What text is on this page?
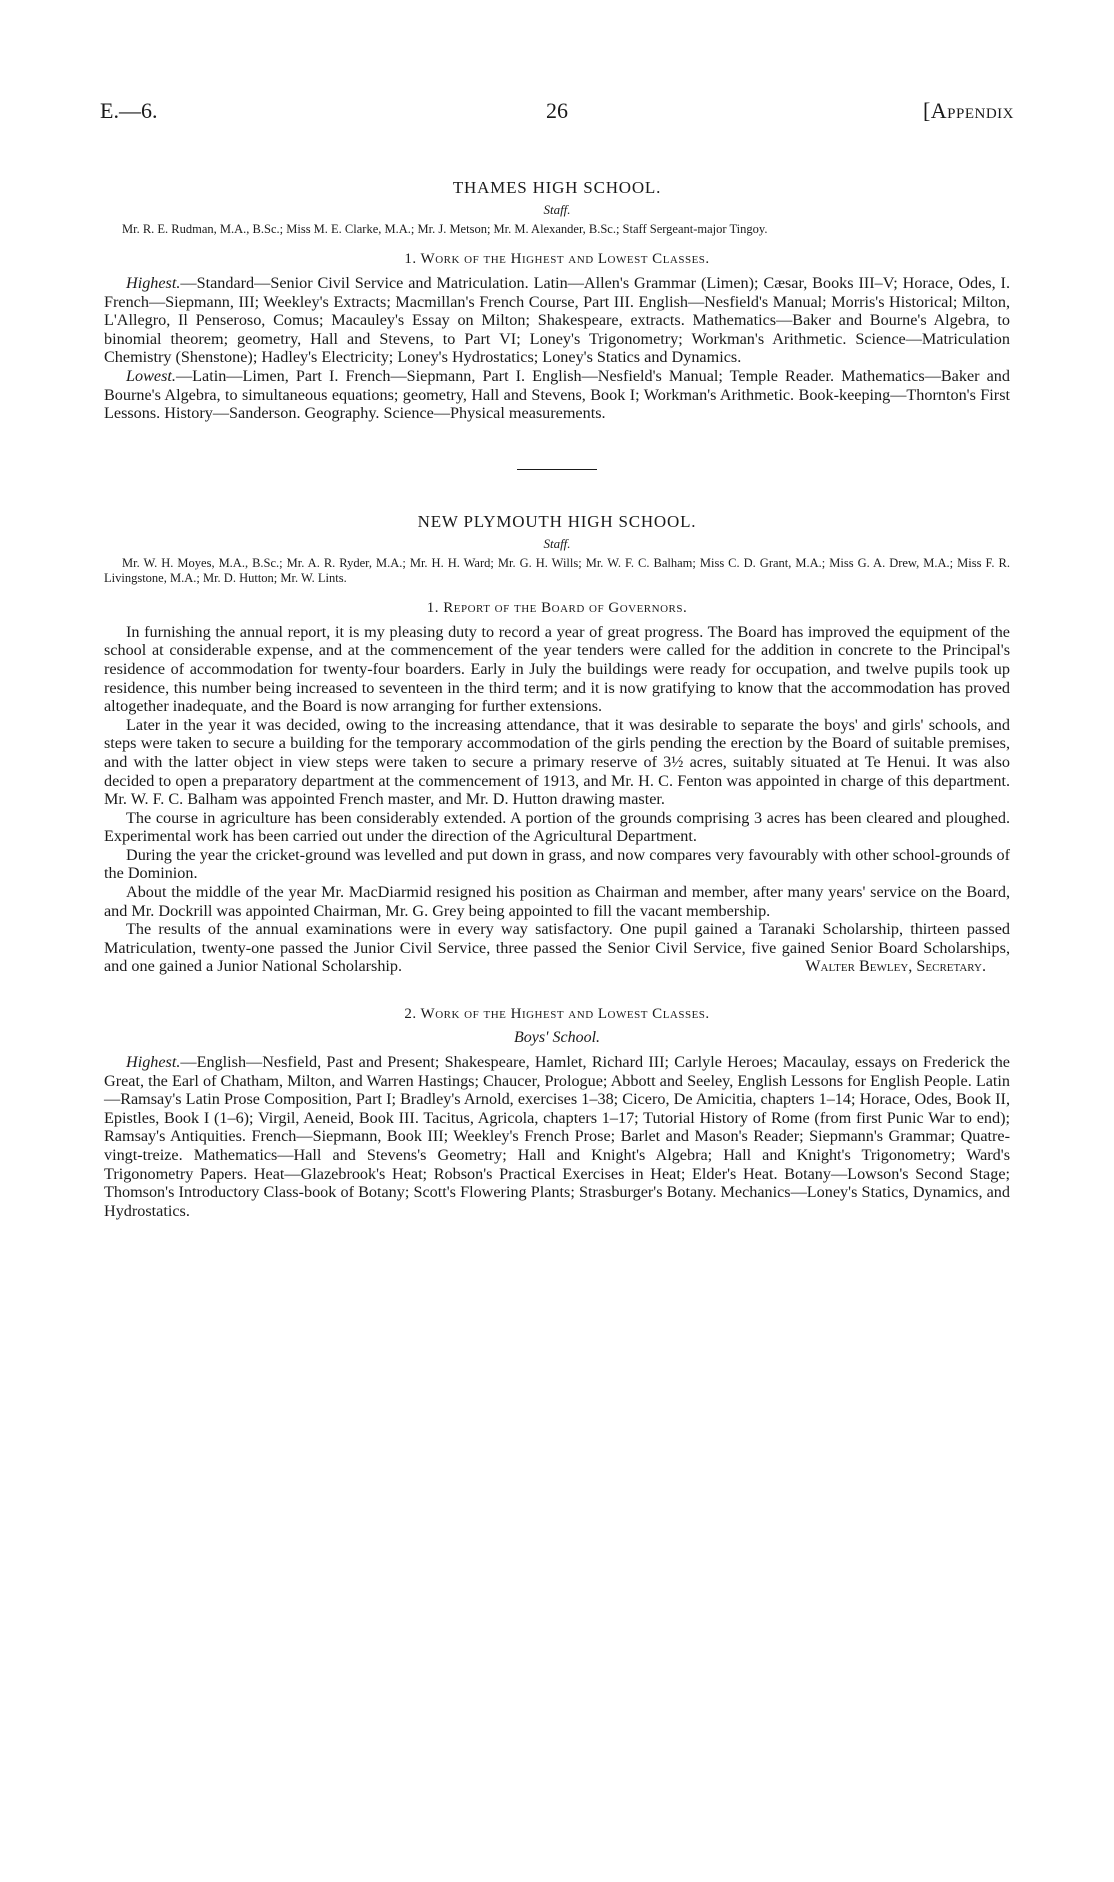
E.—6.	26	[Appendix
THAMES HIGH SCHOOL.
Staff.

Mr. R. E. Rudman, M.A., B.Sc.; Miss M. E. Clarke, M.A.; Mr. J. Metson; Mr. M. Alexander, B.Sc.; Staff Sergeant-major Tingoy.

1. Work of the Highest and Lowest Classes.

Highest.—Standard—Senior Civil Service and Matriculation. Latin—Allen's Grammar (Limen); Cæsar, Books III–V; Horace, Odes, I. French—Siepmann, III; Weekley's Extracts; Macmillan's French Course, Part III. English—Nesfield's Manual; Morris's Historical; Milton, L'Allegro, Il Penseroso, Comus; Macauley's Essay on Milton; Shakespeare, extracts. Mathematics—Baker and Bourne's Algebra, to binomial theorem; geometry, Hall and Stevens, to Part VI; Loney's Trigonometry; Workman's Arithmetic. Science—Matriculation Chemistry (Shenstone); Hadley's Electricity; Loney's Hydrostatics; Loney's Statics and Dynamics.

Lowest.—Latin—Limen, Part I. French—Siepmann, Part I. English—Nesfield's Manual; Temple Reader. Mathematics—Baker and Bourne's Algebra, to simultaneous equations; geometry, Hall and Stevens, Book I; Workman's Arithmetic. Book-keeping—Thornton's First Lessons. History—Sanderson. Geography. Science—Physical measurements.

NEW PLYMOUTH HIGH SCHOOL.
Staff.

Mr. W. H. Moyes, M.A., B.Sc.; Mr. A. R. Ryder, M.A.; Mr. H. H. Ward; Mr. G. H. Wills; Mr. W. F. C. Balham; Miss C. D. Grant, M.A.; Miss G. A. Drew, M.A.; Miss F. R. Livingstone, M.A.; Mr. D. Hutton; Mr. W. Lints.

1. Report of the Board of Governors.

In furnishing the annual report, it is my pleasing duty to record a year of great progress. The Board has improved the equipment of the school at considerable expense, and at the commencement of the year tenders were called for the addition in concrete to the Principal's residence of accommodation for twenty-four boarders. Early in July the buildings were ready for occupation, and twelve pupils took up residence, this number being increased to seventeen in the third term; and it is now gratifying to know that the accommodation has proved altogether inadequate, and the Board is now arranging for further extensions.

Later in the year it was decided, owing to the increasing attendance, that it was desirable to separate the boys' and girls' schools, and steps were taken to secure a building for the temporary accommodation of the girls pending the erection by the Board of suitable premises, and with the latter object in view steps were taken to secure a primary reserve of 3½ acres, suitably situated at Te Henui. It was also decided to open a preparatory department at the commencement of 1913, and Mr. H. C. Fenton was appointed in charge of this department. Mr. W. F. C. Balham was appointed French master, and Mr. D. Hutton drawing master.

The course in agriculture has been considerably extended. A portion of the grounds comprising 3 acres has been cleared and ploughed. Experimental work has been carried out under the direction of the Agricultural Department.

During the year the cricket-ground was levelled and put down in grass, and now compares very favourably with other school-grounds of the Dominion.

About the middle of the year Mr. MacDiarmid resigned his position as Chairman and member, after many years' service on the Board, and Mr. Dockrill was appointed Chairman, Mr. G. Grey being appointed to fill the vacant membership.

The results of the annual examinations were in every way satisfactory. One pupil gained a Taranaki Scholarship, thirteen passed Matriculation, twenty-one passed the Junior Civil Service, three passed the Senior Civil Service, five gained Senior Board Scholarships, and one gained a Junior National Scholarship.	Walter Bewley, Secretary.

2. Work of the Highest and Lowest Classes.
Boys' School.

Highest.—English—Nesfield, Past and Present; Shakespeare, Hamlet, Richard III; Carlyle Heroes; Macaulay, essays on Frederick the Great, the Earl of Chatham, Milton, and Warren Hastings; Chaucer, Prologue; Abbott and Seeley, English Lessons for English People. Latin—Ramsay's Latin Prose Composition, Part I; Bradley's Arnold, exercises 1–38; Cicero, De Amicitia, chapters 1–14; Horace, Odes, Book II, Epistles, Book I (1–6); Virgil, Aeneid, Book III. Tacitus, Agricola, chapters 1–17; Tutorial History of Rome (from first Punic War to end); Ramsay's Antiquities. French—Siepmann, Book III; Weekley's French Prose; Barlet and Mason's Reader; Siepmann's Grammar; Quatre-vingt-treize. Mathematics—Hall and Stevens's Geometry; Hall and Knight's Algebra; Hall and Knight's Trigonometry; Ward's Trigonometry Papers. Heat—Glazebrook's Heat; Robson's Practical Exercises in Heat; Elder's Heat. Botany—Lowson's Second Stage; Thomson's Introductory Class-book of Botany; Scott's Flowering Plants; Strasburger's Botany. Mechanics—Loney's Statics, Dynamics, and Hydrostatics.
